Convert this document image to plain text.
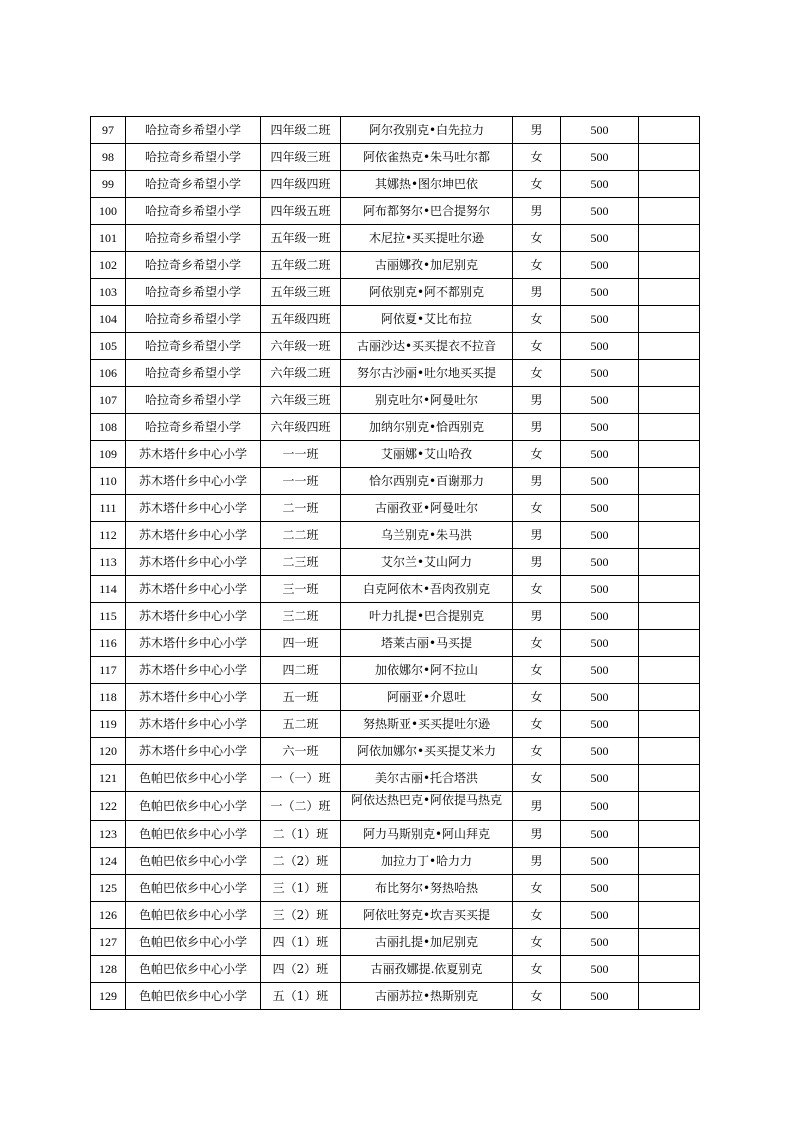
97	哈拉奇乡希望小学	四年级二班	阿尔孜别克•白先拉力	男	500	
98	哈拉奇乡希望小学	四年级三班	阿依雀热克•朱马吐尔都	女	500	
99	哈拉奇乡希望小学	四年级四班	其娜热•图尔坤巴依	女	500	
100	哈拉奇乡希望小学	四年级五班	阿布都努尔•巴合提努尔	男	500	
101	哈拉奇乡希望小学	五年级一班	木尼拉•买买提吐尔逊	女	500	
102	哈拉奇乡希望小学	五年级二班	古丽娜孜•加尼别克	女	500	
103	哈拉奇乡希望小学	五年级三班	阿依别克•阿不都别克	男	500	
104	哈拉奇乡希望小学	五年级四班	阿依夏•艾比布拉	女	500	
105	哈拉奇乡希望小学	六年级一班	古丽沙达•买买提衣不拉音	女	500	
106	哈拉奇乡希望小学	六年级二班	努尔古沙丽•吐尔地买买提	女	500	
107	哈拉奇乡希望小学	六年级三班	别克吐尔•阿曼吐尔	男	500	
108	哈拉奇乡希望小学	六年级四班	加纳尔别克•恰西别克	男	500	
109	苏木塔什乡中心小学	一一班	艾丽娜•艾山哈孜	女	500	
110	苏木塔什乡中心小学	一一班	恰尔西别克•百谢那力	男	500	
111	苏木塔什乡中心小学	二一班	古丽孜亚•阿曼吐尔	女	500	
112	苏木塔什乡中心小学	二二班	乌兰别克•朱马洪	男	500	
113	苏木塔什乡中心小学	二三班	艾尔兰•艾山阿力	男	500	
114	苏木塔什乡中心小学	三一班	白克阿依木•吾肉孜别克	女	500	
115	苏木塔什乡中心小学	三二班	叶力扎提•巴合提别克	男	500	
116	苏木塔什乡中心小学	四一班	塔莱古丽•马买提	女	500	
117	苏木塔什乡中心小学	四二班	加依娜尔•阿不拉山	女	500	
118	苏木塔什乡中心小学	五一班	阿丽亚•介恩吐	女	500	
119	苏木塔什乡中心小学	五二班	努热斯亚•买买提吐尔逊	女	500	
120	苏木塔什乡中心小学	六一班	阿依加娜尔•买买提艾米力	女	500	
121	色帕巴依乡中心小学	一（一）班	美尔古丽•托合塔洪	女	500	
122	色帕巴依乡中心小学	一（二）班	阿依达热巴克•阿依提马热克	男	500	
123	色帕巴依乡中心小学	二（1）班	阿力马斯别克•阿山拜克	男	500	
124	色帕巴依乡中心小学	二（2）班	加拉力丁•哈力力	男	500	
125	色帕巴依乡中心小学	三（1）班	布比努尔•努热哈热	女	500	
126	色帕巴依乡中心小学	三（2）班	阿依吐努克•坎吉买买提	女	500	
127	色帕巴依乡中心小学	四（1）班	古丽扎提•加尼别克	女	500	
128	色帕巴依乡中心小学	四（2）班	古丽孜娜提.依夏别克	女	500	
129	色帕巴依乡中心小学	五（1）班	古丽苏拉•热斯别克	女	500	
